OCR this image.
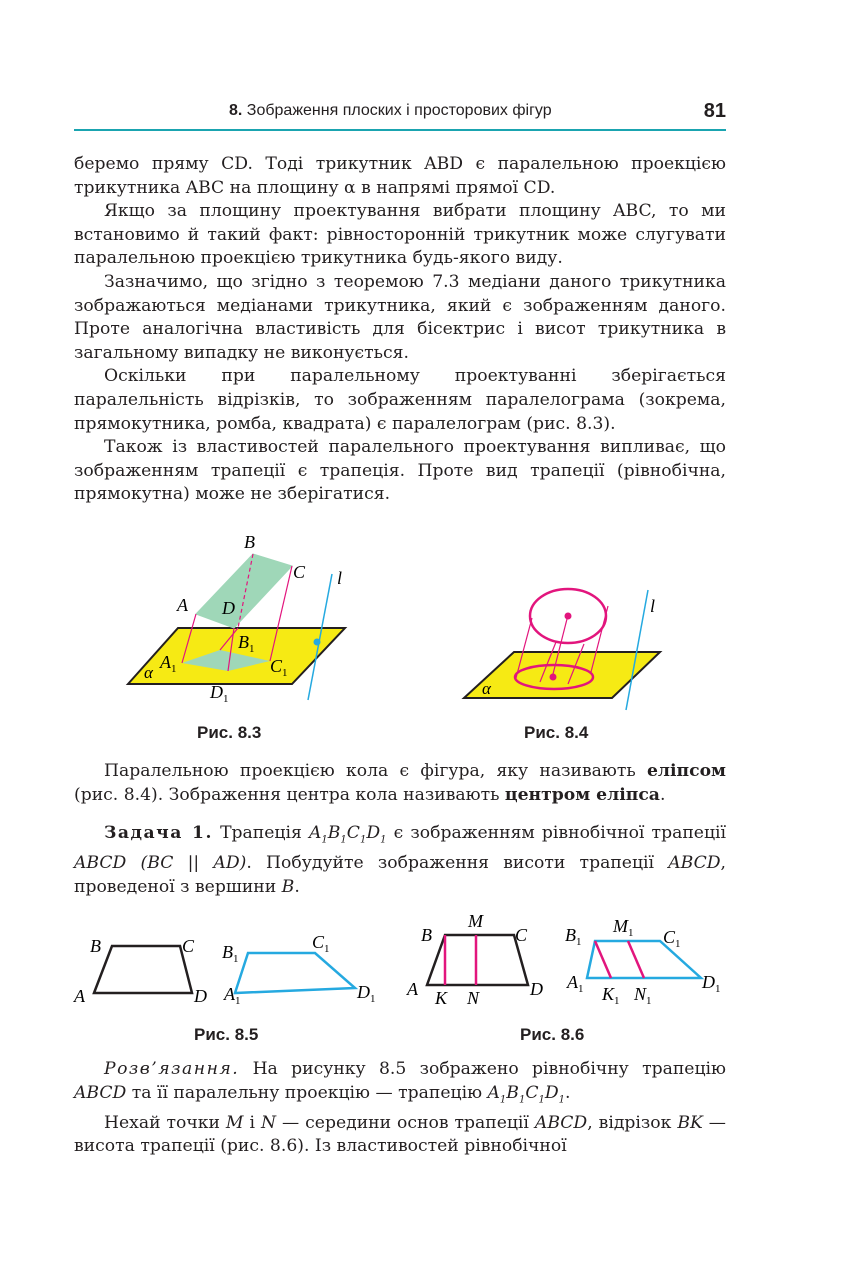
8. Зображення плоских і просторових фігур	81

беремо пряму CD. Тоді трикутник ABD є паралельною проекцією трикутника ABC на площину α в напрямі прямої CD.

Якщо за площину проектування вибрати площину ABC, то ми встановимо й такий факт: рівносторонній трикутник може слугувати паралельною проекцією трикутника будь-якого виду.

Зазначимо, що згідно з теоремою 7.3 медіани даного трикутника зображаються медіанами трикутника, який є зображенням даного. Проте аналогічна властивість для бісектрис і висот трикутника в загальному випадку не виконується.

Оскільки при паралельному проектуванні зберігається паралельність відрізків, то зображенням паралелограма (зокрема, прямокутника, ромба, квадрата) є паралелограм (рис. 8.3).

Також із властивостей паралельного проектування випливає, що зображенням трапеції є трапеція. Проте вид трапеції (рівнобічна, прямокутна) може не зберігатися.

B
C
A D
l
α
$B_1$
$A_1$	$C_1$
$D_1$
Рис. 8.3
l
α
Рис. 8.4

Паралельною проекцією кола є фігура, яку називають еліпсом (рис. 8.4). Зображення центра кола називають центром еліпса.

Задача 1. Трапеція $A_1B_1C_1D_1$ є зображенням рівнобічної трапеції ABCD (BC || AD). Побудуйте зображення висоти трапеції ABCD, проведеної з вершини B.

B	C
A	D
$B_1$
$C_1$
$A_1$	$D_1$
Рис. 8.5
B
M
C
A K N	D
$B_1$
$M_1$ $C_1$
$A_1$ $K_1$ $N_1$
$D_1$
Рис. 8.6

Розв’язання. На рисунку 8.5 зображено рівнобічну трапецію ABCD та її паралельну проекцію — трапецію $A_1B_1C_1D_1$.

Нехай точки M і N — середини основ трапеції ABCD, відрізок BK — висота трапеції (рис. 8.6). Із властивостей рівнобічної
